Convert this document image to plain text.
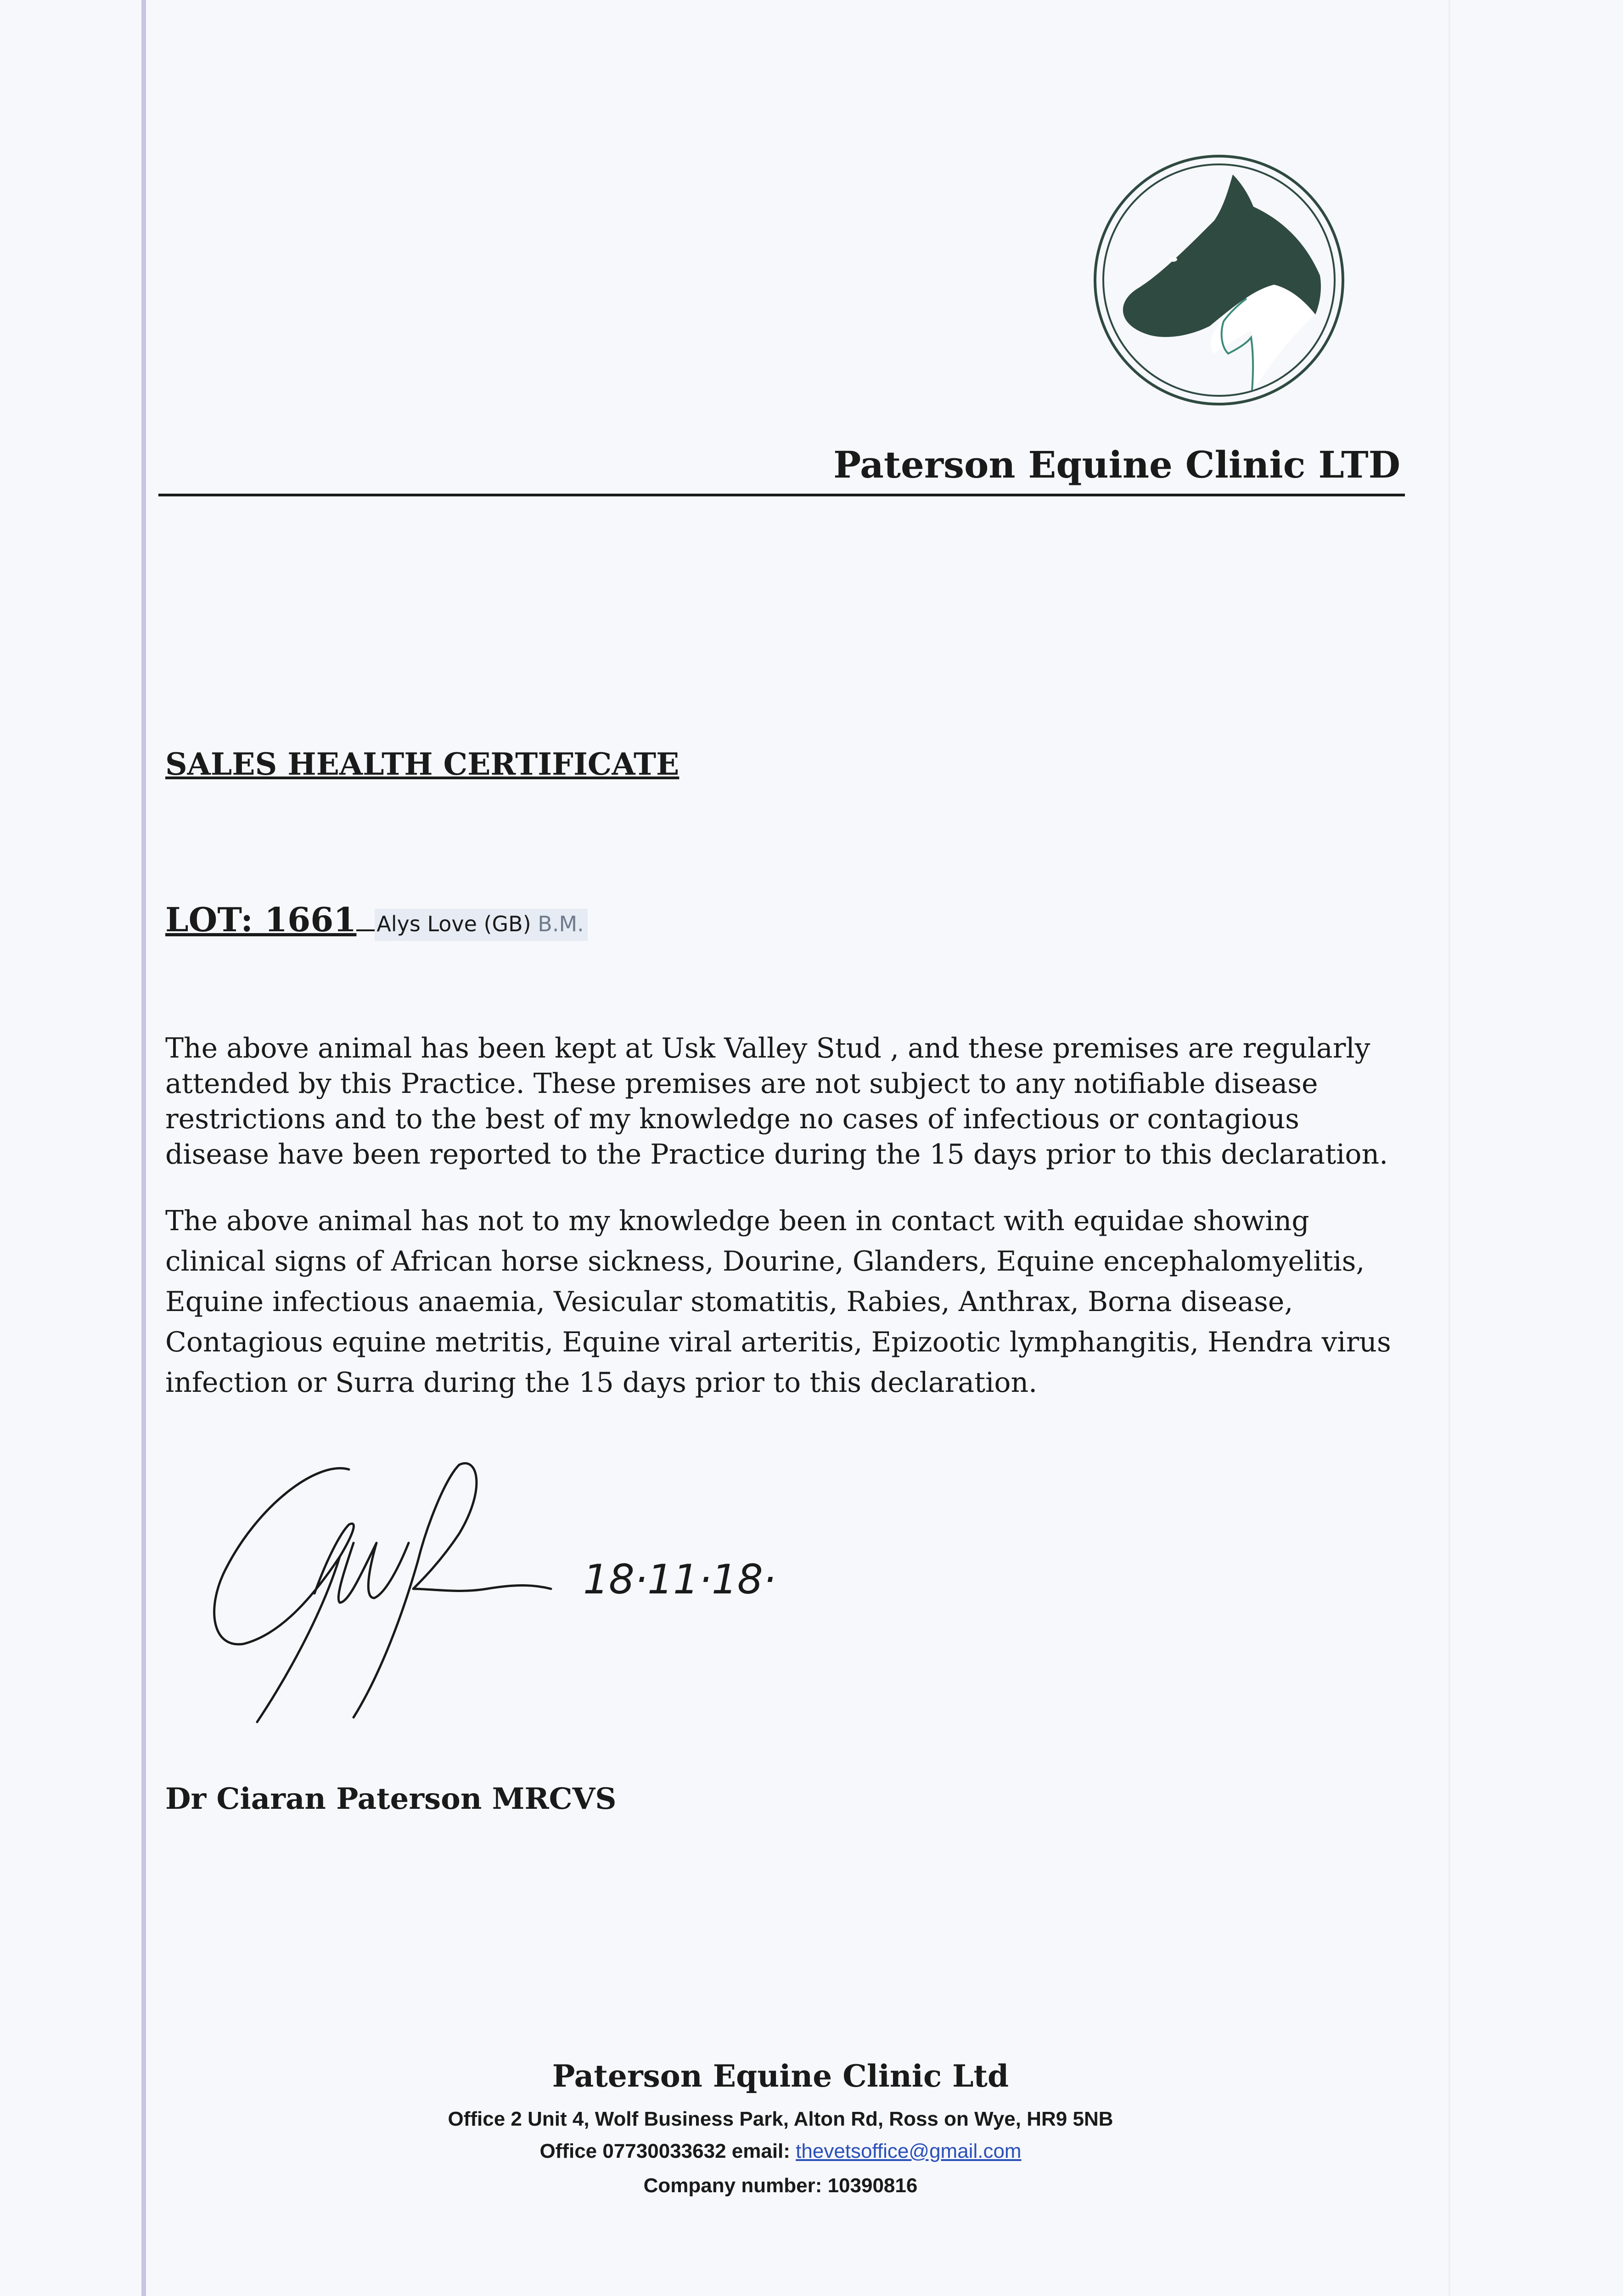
Paterson Equine Clinic LTD
SALES HEALTH CERTIFICATE
LOT: 1661 Alys Love (GB) B.M.
The above animal has been kept at Usk Valley Stud , and these premises are regularly attended by this Practice. These premises are not subject to any notifiable disease restrictions and to the best of my knowledge no cases of infectious or contagious disease have been reported to the Practice during the 15 days prior to this declaration.
The above animal has not to my knowledge been in contact with equidae showing clinical signs of African horse sickness, Dourine, Glanders, Equine encephalomyelitis, Equine infectious anaemia, Vesicular stomatitis, Rabies, Anthrax, Borna disease, Contagious equine metritis, Equine viral arteritis, Epizootic lymphangitis, Hendra virus infection or Surra during the 15 days prior to this declaration.
18·11·18·
Dr Ciaran Paterson MRCVS
Paterson Equine Clinic Ltd
Office 2 Unit 4, Wolf Business Park, Alton Rd, Ross on Wye, HR9 5NB
Office 07730033632 email: thevetsoffice@gmail.com
Company number: 10390816
